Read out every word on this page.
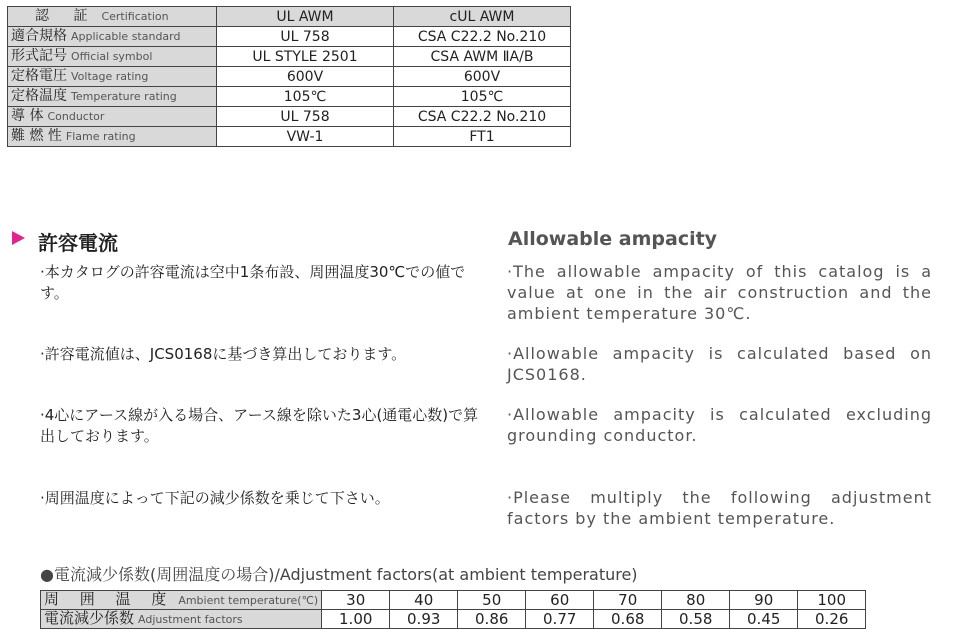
認 証 Certification	UL AWM	cUL AWM
適合規格 Applicable standard	UL 758	CSA C22.2 No.210
形式記号 Official symbol	UL STYLE 2501	CSA AWM ⅡA/B
定格電圧 Voltage rating	600V	600V
定格温度 Temperature rating	105℃	105℃
導 体 Conductor	UL 758	CSA C22.2 No.210
難 燃 性 Flame rating	VW-1	FT1
許容電流	Allowable ampacity
·本カタログの許容電流は空中1条布設、周囲温度30℃での値です。
·The allowable ampacity of this catalog is a value at one in the air construction and the ambient temperature 30℃.
·許容電流値は、JCS0168に基づき算出しております。	·Allowable ampacity is calculated based on JCS0168.
·4心にアース線が入る場合、アース線を除いた3心(通電心数)で算出しております。
·Allowable ampacity is calculated excluding grounding conductor.
·周囲温度によって下記の減少係数を乗じて下さい。	·Please multiply the following adjustment factors by the ambient temperature.
●電流減少係数(周囲温度の場合)/Adjustment factors(at ambient temperature)
周 囲 温 度 Ambient temperature(℃)	30	40	50	60	70	80	90	100
電流減少係数 Adjustment factors	1.00	0.93	0.86	0.77	0.68	0.58	0.45	0.26
